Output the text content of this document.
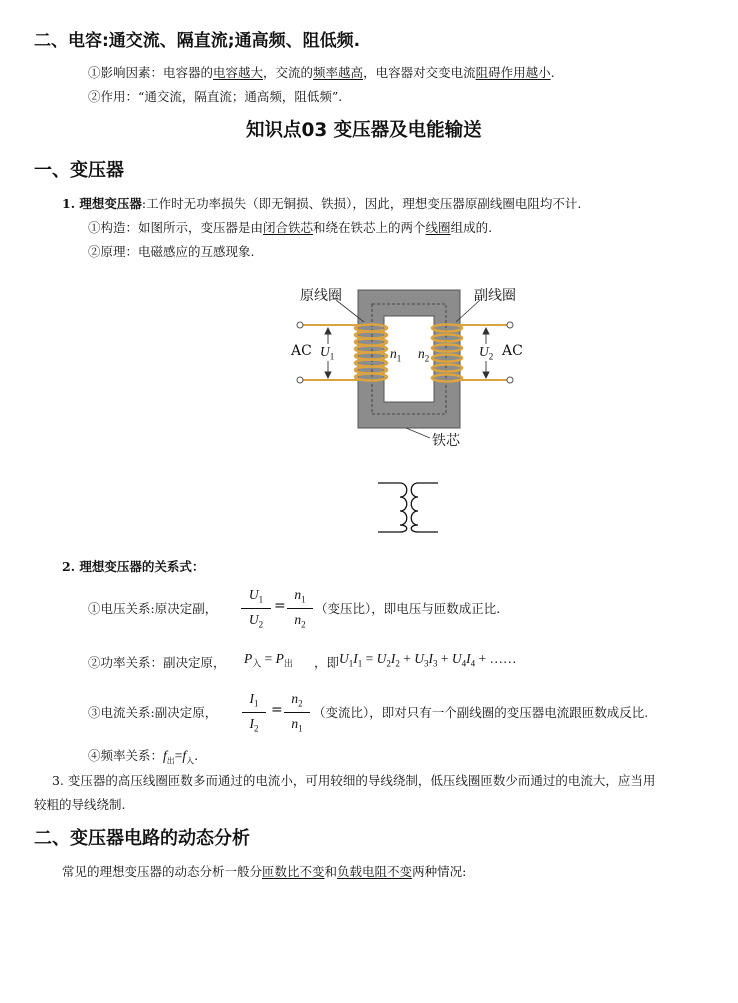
二、电容:通交流、隔直流;通高频、阻低频.
①影响因素：电容器的电容越大，交流的频率越高，电容器对交变电流阻碍作用越小.
②作用：“通交流，隔直流；通高频，阻低频”.
知识点03 变压器及电能输送
一、变压器
1. 理想变压器:工作时无功率损失（即无铜损、铁损），因此，理想变压器原副线圈电阻均不计.
①构造：如图所示，变压器是由闭合铁芯和绕在铁芯上的两个线圈组成的.
②原理：电磁感应的互感现象.
原线圈	副线圈
AC	AC
$U_1$	$U_2$
$n_1$ $n_2$
铁芯
2. 理想变压器的关系式：
①电压关系:原决定副，
$U_1$
$U_2$
=
$n_1$
$n_2$
（变压比），即电压与匝数成正比.
②功率关系：副决定原， $P_入 = P_出$ ，即 $U_1I_1 = U_2I_2 + U_3I_3 + U_4I_4$ + ……
③电流关系:副决定原，
$I_1$
$I_2$
=
$n_2$
$n_1$
（变流比），即对只有一个副线圈的变压器电流跟匝数成反比.
④频率关系：$f_出=f_入$.
3. 变压器的高压线圈匝数多而通过的电流小，可用较细的导线绕制，低压线圈匝数少而通过的电流大，应当用
较粗的导线绕制.
二、变压器电路的动态分析
常见的理想变压器的动态分析一般分匝数比不变和负载电阻不变两种情况:
